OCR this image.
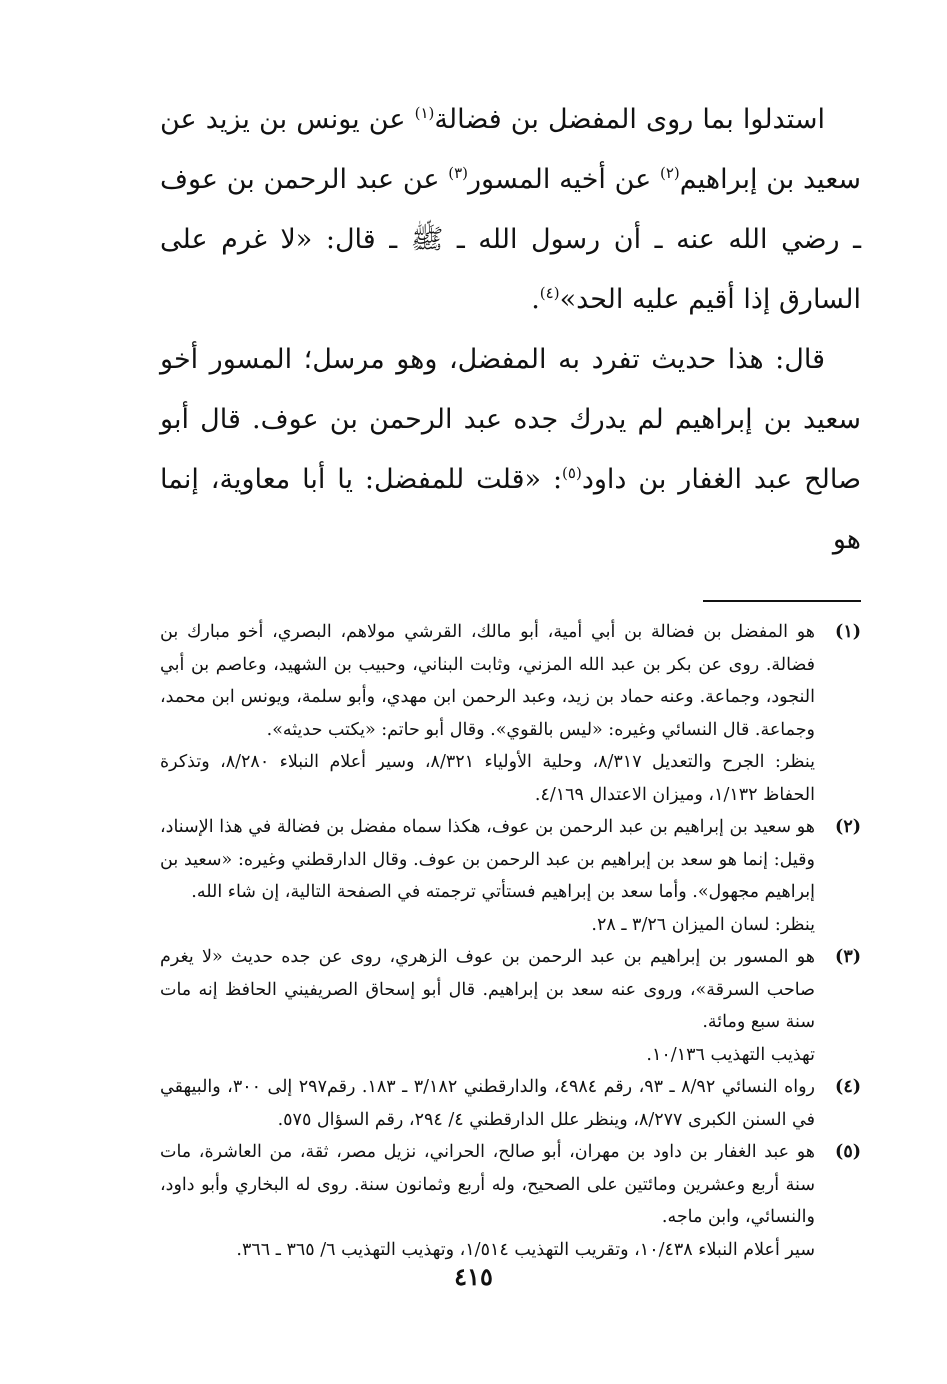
استدلوا بما روى المفضل بن فضالة$^{(١)}$ عن يونس بن يزيد عن سعيد بن إبراهيم$^{(٢)}$ عن أخيه المسور$^{(٣)}$ عن عبد الرحمن بن عوف ـ رضي الله عنه ـ أن رسول الله ـ ﷺ ـ قال: «لا غرم على السارق إذا أقيم عليه الحد»$^{(٤)}$.

قال: هذا حديث تفرد به المفضل، وهو مرسل؛ المسور أخو سعيد بن إبراهيم لم يدرك جده عبد الرحمن بن عوف. قال أبو صالح عبد الغفار بن داود$^{(٥)}$: «قلت للمفضل: يا أبا معاوية، إنما هو

(١)

هو المفضل بن فضالة بن أبي أمية، أبو مالك، القرشي مولاهم، البصري، أخو مبارك بن فضالة. روى عن بكر بن عبد الله المزني، وثابت البناني، وحبيب بن الشهيد، وعاصم بن أبي النجود، وجماعة. وعنه حماد بن زيد، وعبد الرحمن ابن مهدي، وأبو سلمة، ويونس ابن محمد، وجماعة. قال النسائي وغيره: «ليس بالقوي». وقال أبو حاتم: «يكتب حديثه».

ينظر: الجرح والتعديل ٨/٣١٧، وحلية الأولياء ٨/٣٢١، وسير أعلام النبلاء ٨/٢٨٠، وتذكرة الحفاظ ١/١٣٢، وميزان الاعتدال ٤/١٦٩.

(٢)

هو سعيد بن إبراهيم بن عبد الرحمن بن عوف، هكذا سماه مفضل بن فضالة في هذا الإسناد، وقيل: إنما هو سعد بن إبراهيم بن عبد الرحمن بن عوف. وقال الدارقطني وغيره: «سعيد بن إبراهيم مجهول». وأما سعد بن إبراهيم فستأتي ترجمته في الصفحة التالية، إن شاء الله.

ينظر: لسان الميزان ٣/٢٦ ـ ٢٨.

(٣)

هو المسور بن إبراهيم بن عبد الرحمن بن عوف الزهري، روى عن جده حديث «لا يغرم صاحب السرقة»، وروى عنه سعد بن إبراهيم. قال أبو إسحاق الصريفيني الحافظ إنه مات سنة سبع ومائة.

تهذيب التهذيب ١٠/١٣٦.

(٤)

رواه النسائي ٨/٩٢ ـ ٩٣، رقم ٤٩٨٤، والدارقطني ٣/١٨٢ ـ ١٨٣. رقم٢٩٧ إلى ٣٠٠، والبيهقي في السنن الكبرى ٨/٢٧٧، وينظر علل الدارقطني ٤/ ٢٩٤، رقم السؤال ٥٧٥.

(٥)

هو عبد الغفار بن داود بن مهران، أبو صالح، الحراني، نزيل مصر، ثقة، من العاشرة، مات سنة أربع وعشرين ومائتين على الصحيح، وله أربع وثمانون سنة. روى له البخاري وأبو داود، والنسائي، وابن ماجه.

سير أعلام النبلاء ١٠/٤٣٨، وتقريب التهذيب ١/٥١٤، وتهذيب التهذيب ٦/ ٣٦٥ ـ ٣٦٦.

٤١٥
